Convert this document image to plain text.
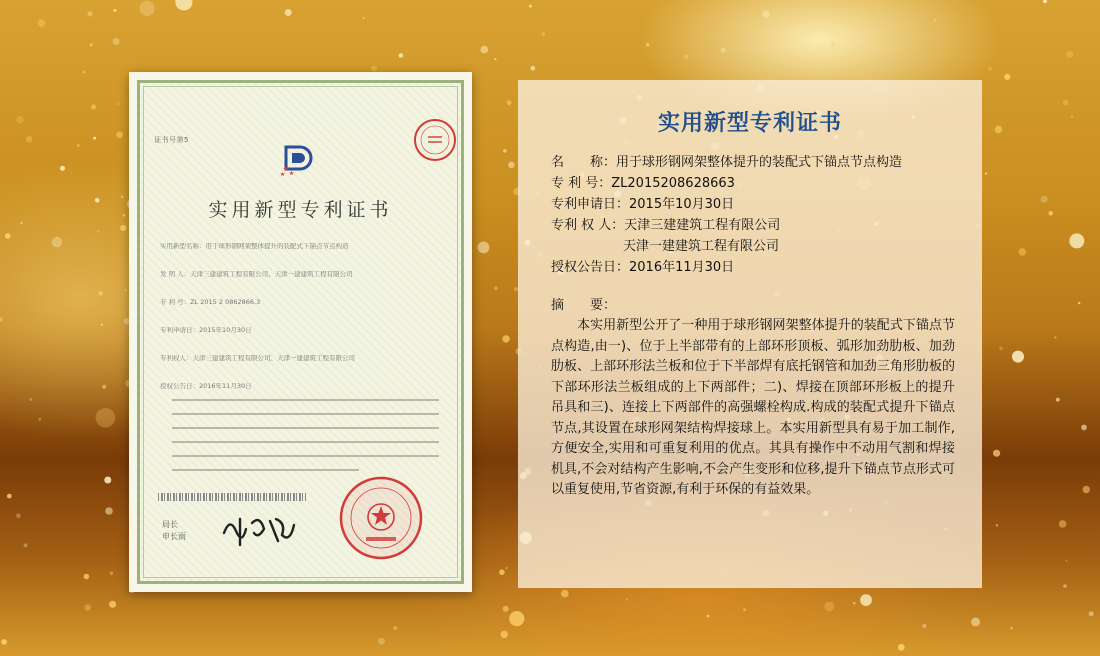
证书号第5
实用新型专利证书
实用新型名称：用于球形钢网架整体提升的装配式下锚点节点构造
发 明 人：天津三建建筑工程有限公司、天津一建建筑工程有限公司
专 利 号：ZL 2015 2 0862866.3
专利申请日：2015年10月30日
专利权人：天津三建建筑工程有限公司、天津一建建筑工程有限公司
授权公告日：2016年11月30日
局长
申长雨
实用新型专利证书
名　　称：用于球形钢网架整体提升的装配式下锚点节点构造
专 利 号：ZL2015208628663
专利申请日：2015年10月30日
专利 权 人：天津三建建筑工程有限公司
天津一建建筑工程有限公司
授权公告日：2016年11月30日
摘　　要：
本实用新型公开了一种用于球形钢网架整体提升的装配式下锚点节点构造,由一)、位于上半部带有的上部环形顶板、弧形加劲肋板、加劲肋板、上部环形法兰板和位于下半部焊有底托钢管和加劲三角形肋板的下部环形法兰板组成的上下两部件；二)、焊接在顶部环形板上的提升吊具和三)、连接上下两部件的高强螺栓构成.构成的装配式提升下锚点节点,其设置在球形网架结构焊接球上。本实用新型具有易于加工制作,方便安全,实用和可重复利用的优点。其具有操作中不动用气割和焊接机具,不会对结构产生影响,不会产生变形和位移,提升下锚点节点形式可以重复使用,节省资源,有利于环保的有益效果。
